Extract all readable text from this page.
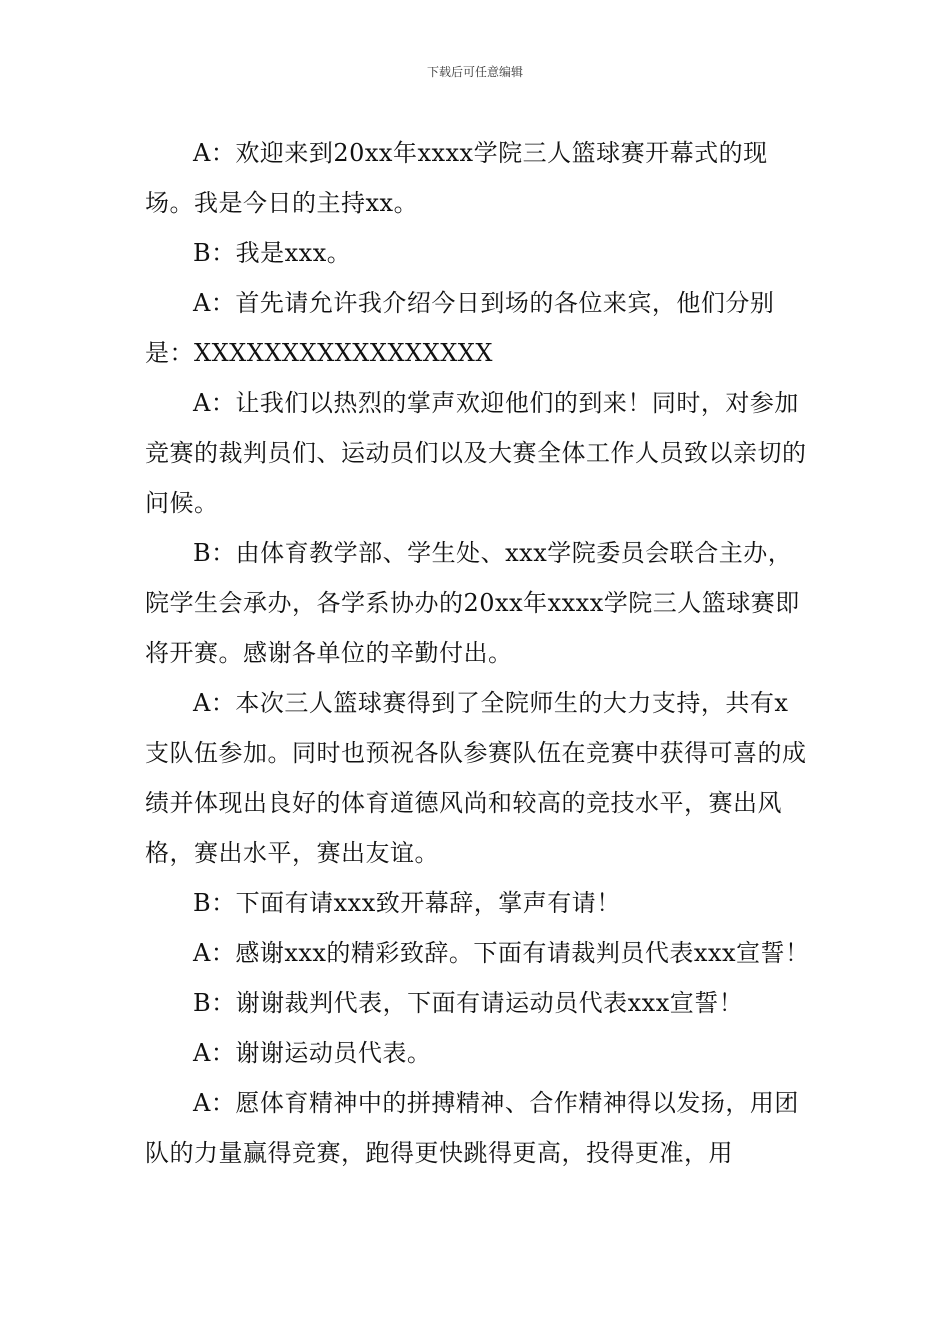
下载后可任意编辑

A：欢迎来到20xx年xxxx学院三人篮球赛开幕式的现场。我是今日的主持xx。

B：我是xxx。

A：首先请允许我介绍今日到场的各位来宾，他们分别是：XXXXXXXXXXXXXXXXX

A：让我们以热烈的掌声欢迎他们的到来！同时，对参加竞赛的裁判员们、运动员们以及大赛全体工作人员致以亲切的问候。

B：由体育教学部、学生处、xxx学院委员会联合主办，院学生会承办，各学系协办的20xx年xxxx学院三人篮球赛即将开赛。感谢各单位的辛勤付出。

A：本次三人篮球赛得到了全院师生的大力支持，共有x支队伍参加。同时也预祝各队参赛队伍在竞赛中获得可喜的成绩并体现出良好的体育道德风尚和较高的竞技水平，赛出风格，赛出水平，赛出友谊。

B：下面有请xxx致开幕辞，掌声有请！

A：感谢xxx的精彩致辞。下面有请裁判员代表xxx宣誓！

B：谢谢裁判代表，下面有请运动员代表xxx宣誓！

A：谢谢运动员代表。

A：愿体育精神中的拼搏精神、合作精神得以发扬，用团队的力量赢得竞赛，跑得更快跳得更高，投得更准，用
